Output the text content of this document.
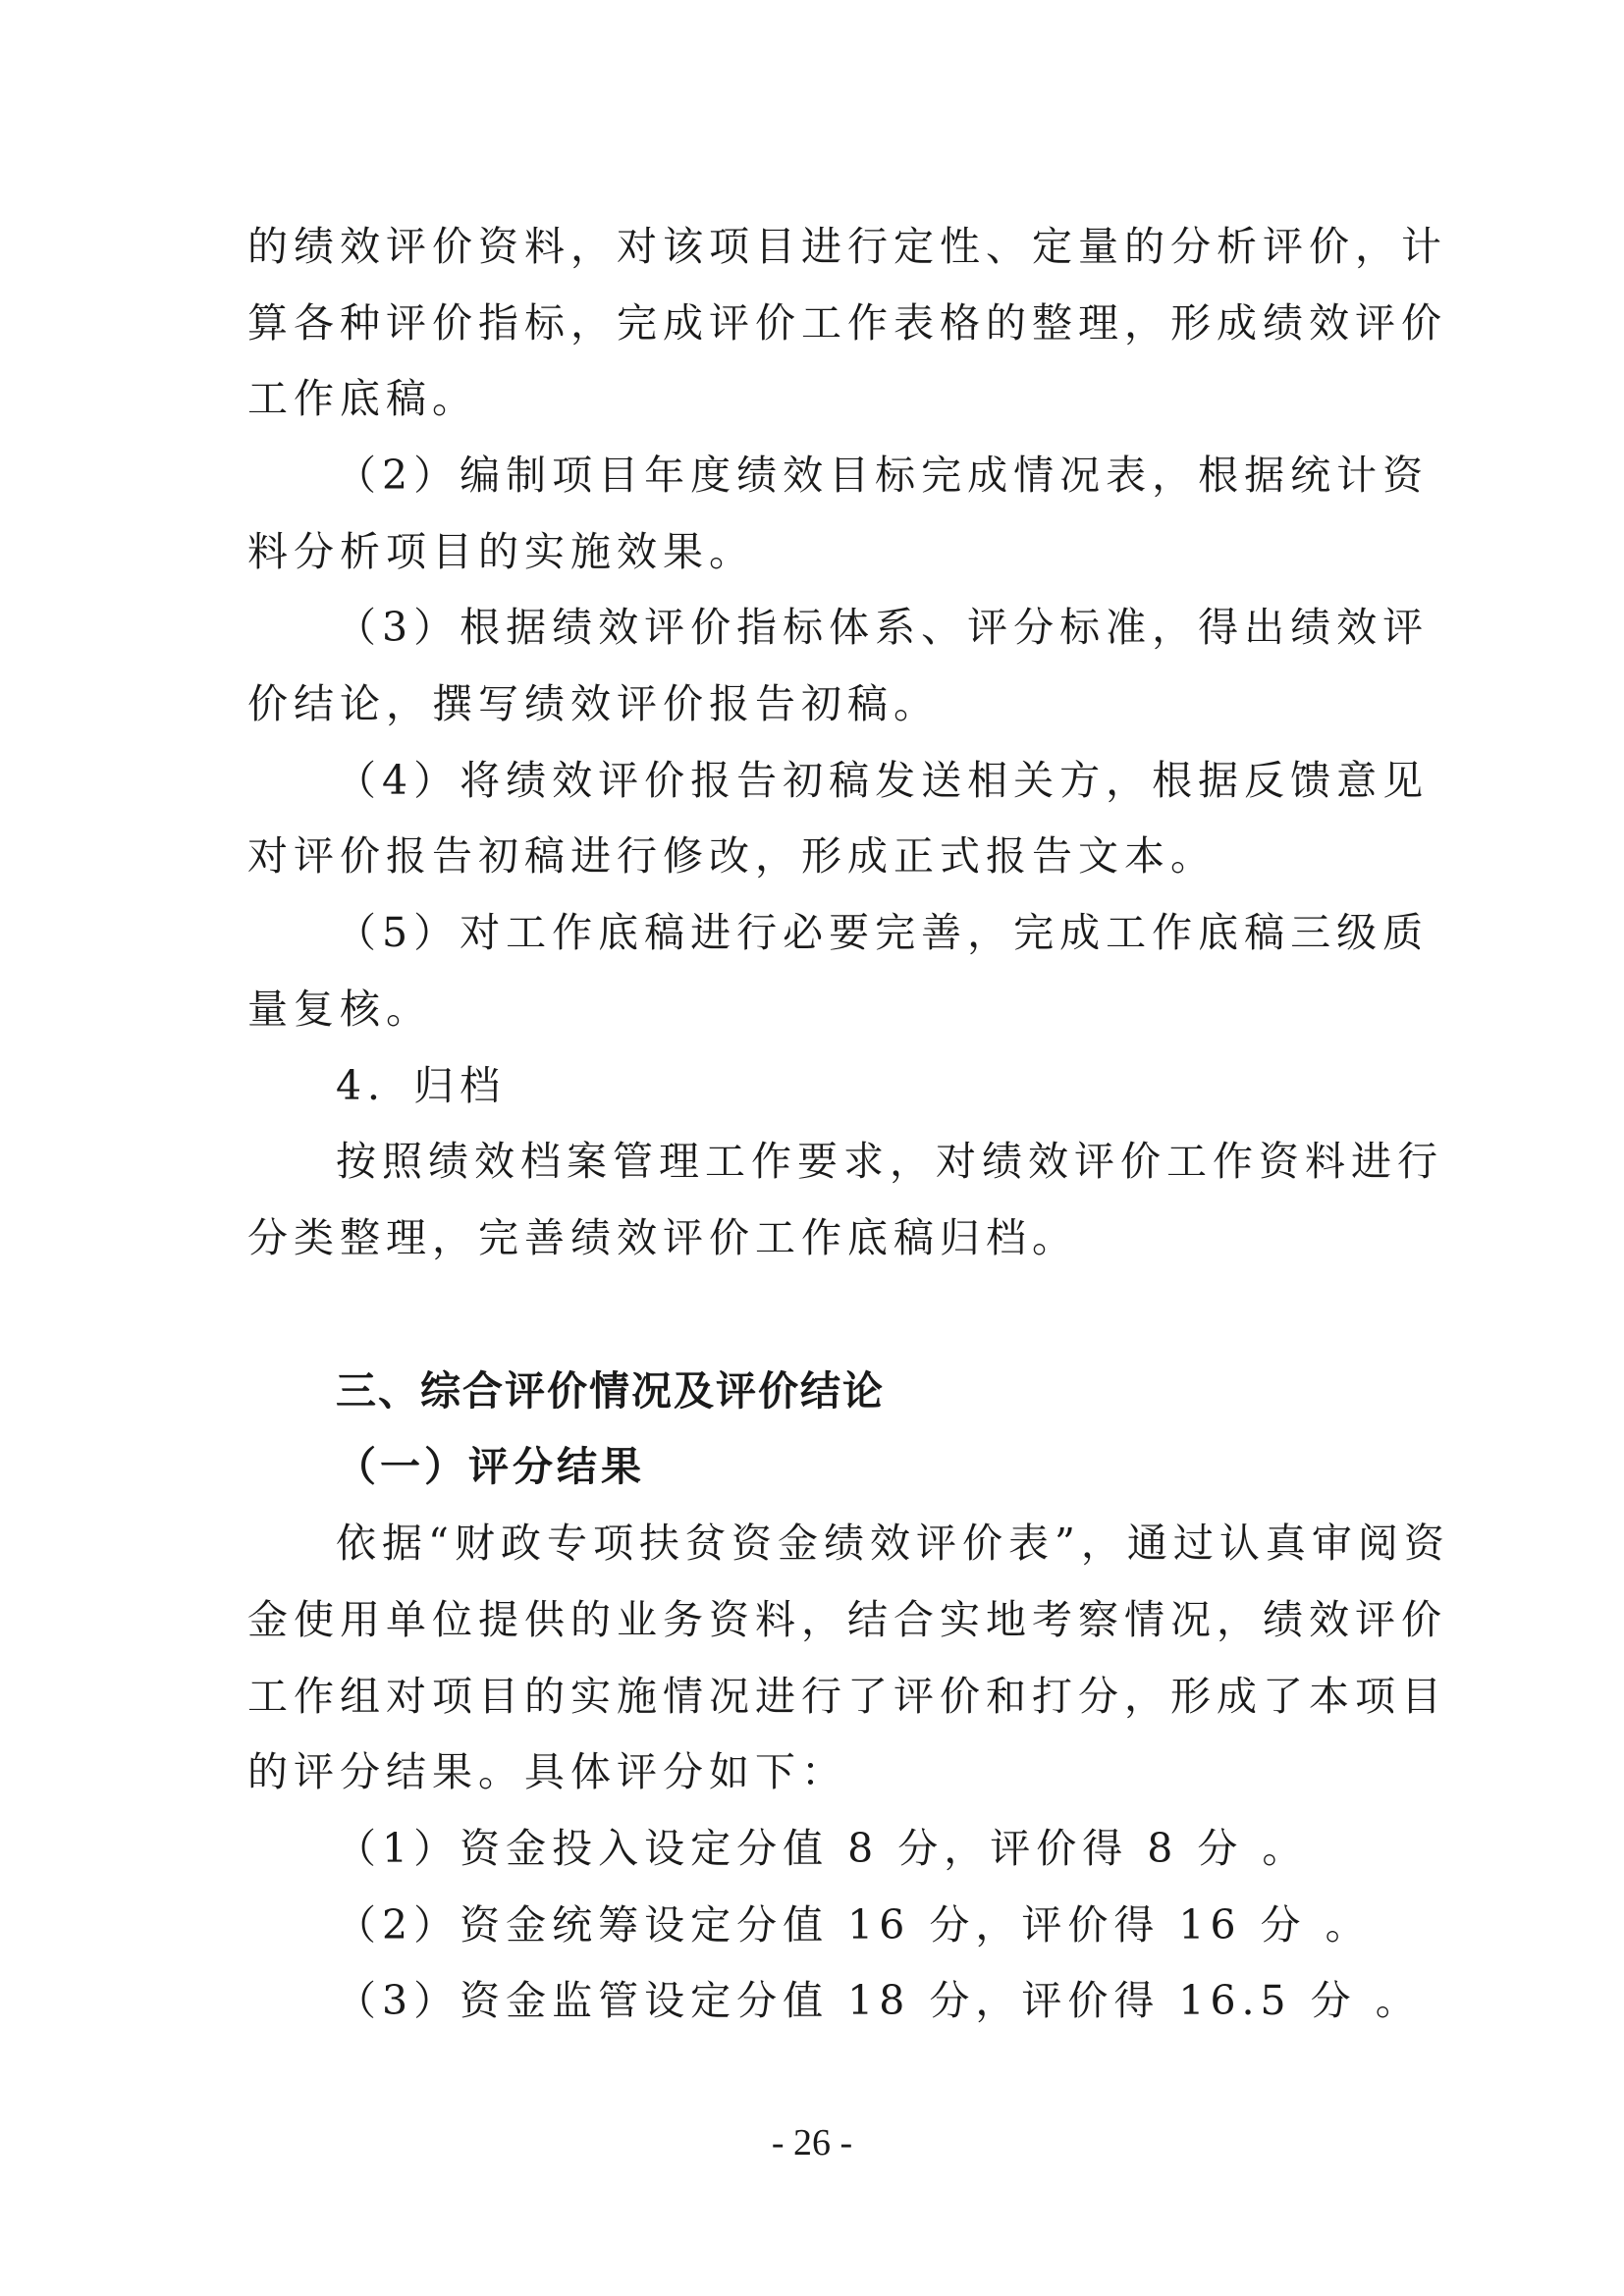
的绩效评价资料，对该项目进行定性、定量的分析评价，计
算各种评价指标，完成评价工作表格的整理，形成绩效评价
工作底稿。
（2）编制项目年度绩效目标完成情况表，根据统计资
料分析项目的实施效果。
（3）根据绩效评价指标体系、评分标准，得出绩效评
价结论，撰写绩效评价报告初稿。
（4）将绩效评价报告初稿发送相关方，根据反馈意见
对评价报告初稿进行修改，形成正式报告文本。
（5）对工作底稿进行必要完善，完成工作底稿三级质
量复核。
4．归档
按照绩效档案管理工作要求，对绩效评价工作资料进行
分类整理，完善绩效评价工作底稿归档。
三、综合评价情况及评价结论
（一）评分结果
依据“财政专项扶贫资金绩效评价表”，通过认真审阅资
金使用单位提供的业务资料，结合实地考察情况，绩效评价
工作组对项目的实施情况进行了评价和打分，形成了本项目
的评分结果。具体评分如下：
（1）资金投入设定分值 8 分，评价得 8 分 。
（2）资金统筹设定分值 16 分，评价得 16 分 。
（3）资金监管设定分值 18 分，评价得 16.5 分 。
- 26 -
